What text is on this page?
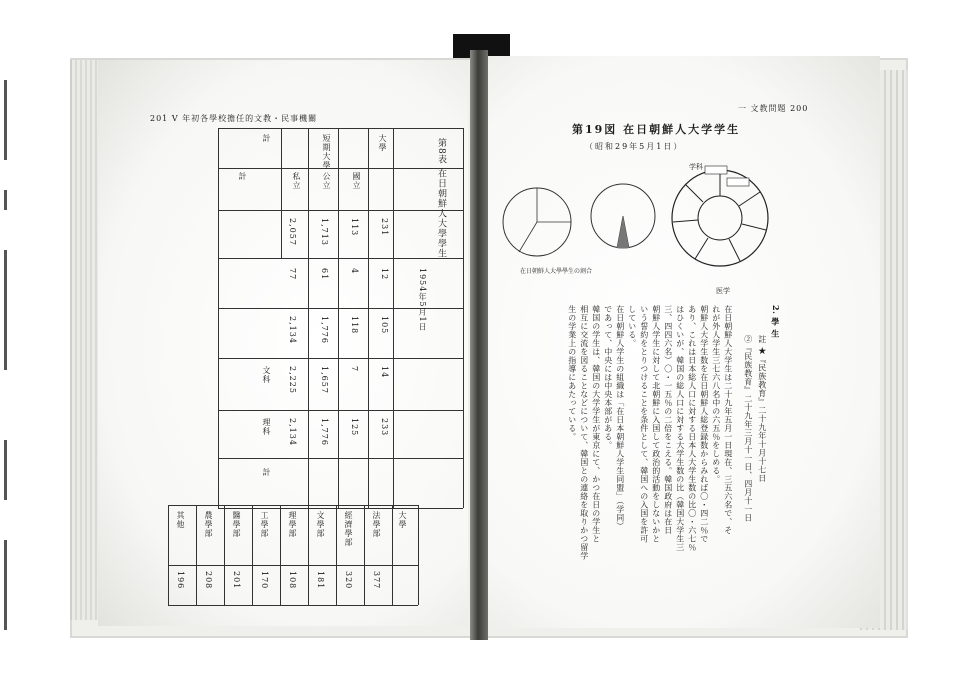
201 Ⅴ 年初各學校擔任的文教・民事機關
大學
短期大學
計
國立
公立
私立
計	第8表 在日朝鮮人大學學生
1954年5月1日
231
113
1,713
2,057
12
4
61
77
105
118
1,776
2,134
14
7
1,657
2,225
233
125
1,776
2,134
文科
理科
計
大學
法學部
經濟學部
文學部
理學部
工學部
醫學部
農學部
其他
377
320
181
108
170
201
208
196
一 文教問題 200
第19図 在日朝鮮人大学学生
（昭和29年5月1日）
在日朝鮮人大學學生の割合
学科
医学
2. 學 生
註 ★『民族教育』二十九年十月十七日
②『民族教育』二十九年三月十一日、四月十一日
在日朝鮮人大学生は二十九年五月一日現在、三五六名で、そ
れが外人学生三七六八名中の六五％をしめる。
朝鮮人大学生数を在日朝鮮人総登録数からみれば〇・四二％で
あり、これは日本総人口に対する日本人大学生数の比〇・六七％
はひくいが、韓国の総人口に対する大学生数の比（韓国大学生三
三、四四六名）〇・一五％の二倍をこえる。韓国政府は在日
朝鮮人学生に対して北朝鮮に入国して政治的活動をしないかと
いう誓約をとりつけることを条件として、韓国への入国を許可
している。
在日朝鮮人学生の組織は「在日本朝鮮人学生同盟」（学同）
であって、中央には中央本部がある。
韓国の学生は、韓国の大学学生が東京にて、かつ在日の学生と
相互に交流を図ることなどについて、韓国との連絡を取りかつ留学
生の学業上の指導にあたっている。
